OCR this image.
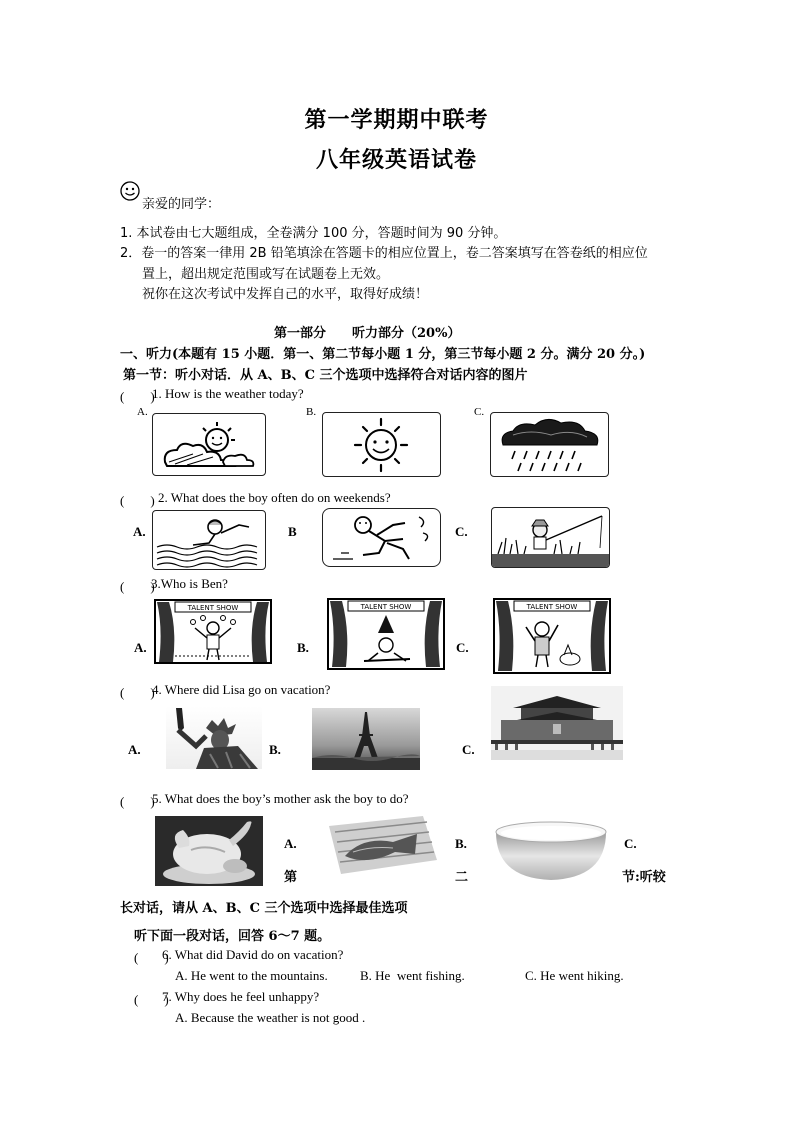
第一学期期中联考
八年级英语试卷
亲爱的同学：
1. 本试卷由七大题组成，全卷满分 100 分，答题时间为 90 分钟。
2．卷一的答案一律用 2B 铅笔填涂在答题卡的相应位置上，卷二答案填写在答卷纸的相应位
置上，超出规定范围或写在试题卷上无效。
祝你在这次考试中发挥自己的水平，取得好成绩！
第一部分　　听力部分（20%）
一、听力(本题有 15 小题．第一、第二节每小题 1 分，第三节每小题 2 分。满分 20 分。)
第一节：听小对话．从 A、B、C 三个选项中选择符合对话内容的图片
(　　)
1. How is the weather today?
A.	B.	C.
(　　) 2. What does the boy often do on weekends?
A.	B	C.
(　　)
3.Who is Ben?
A.	B.	C.
TALENT SHOW	TALENT SHOW	TALENT SHOW
(　　)
4. Where did Lisa go on vacation?
A.	B.	C.
(　　)
5. What does the boy’s mother ask the boy to do?
A.	B.	C.
第	二	节:听较
长对话，请从 A、B、C 三个选项中选择最佳选项
听下面一段对话，回答 6～7 题。
(　　)
6. What did David do on vacation?
A. He went to the mountains. B. He  went fishing.	C. He went hiking.
(　　)
7. Why does he feel unhappy?
A. Because the weather is not good .
